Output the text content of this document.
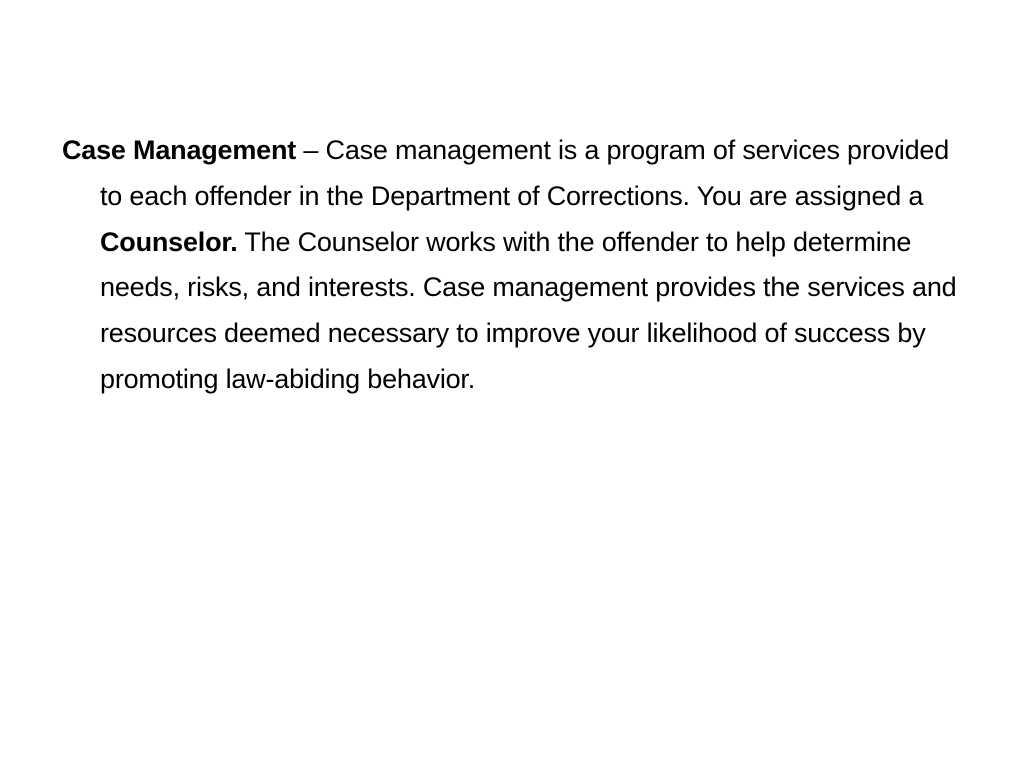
Case Management – Case management is a program of services provided to each offender in the Department of Corrections. You are assigned a Counselor. The Counselor works with the offender to help determine needs, risks, and interests. Case management provides the services and resources deemed necessary to improve your likelihood of success by promoting law-abiding behavior.
